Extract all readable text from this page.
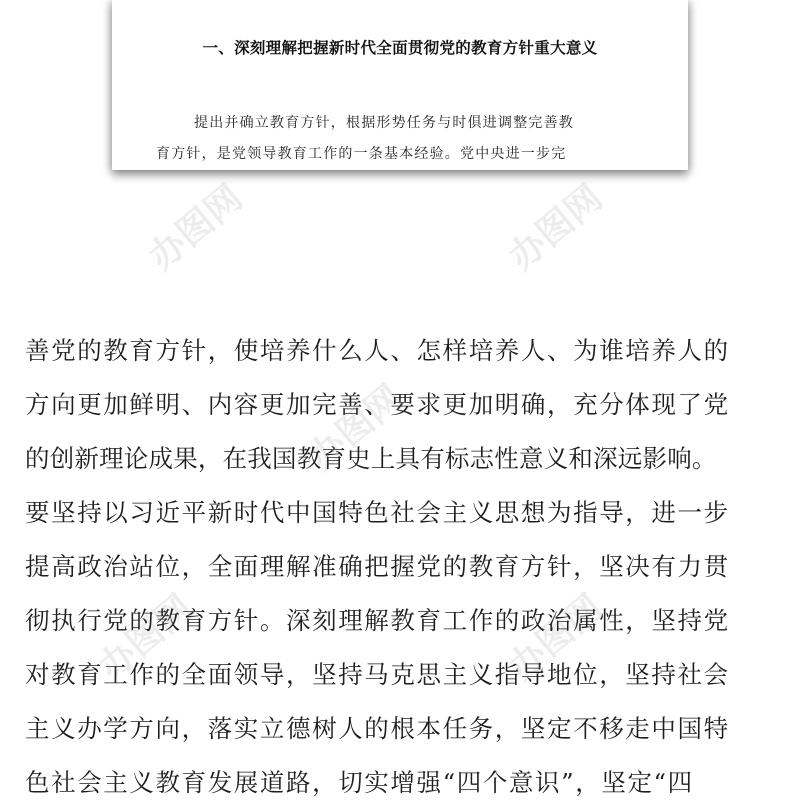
一、深刻理解把握新时代全面贯彻党的教育方针重大意义
提出并确立教育方针，根据形势任务与时俱进调整完善教
育方针，是党领导教育工作的一条基本经验。党中央进一步完
善党的教育方针，使培养什么人、怎样培养人、为谁培养人的
方向更加鲜明、内容更加完善、要求更加明确，充分体现了党
的创新理论成果，在我国教育史上具有标志性意义和深远影响。
要坚持以习近平新时代中国特色社会主义思想为指导，进一步
提高政治站位，全面理解准确把握党的教育方针，坚决有力贯
彻执行党的教育方针。深刻理解教育工作的政治属性，坚持党
对教育工作的全面领导，坚持马克思主义指导地位，坚持社会
主义办学方向，落实立德树人的根本任务，坚定不移走中国特
色社会主义教育发展道路，切实增强“四个意识”，坚定“四
办图网	办图网
办图网
办图网	办图网
